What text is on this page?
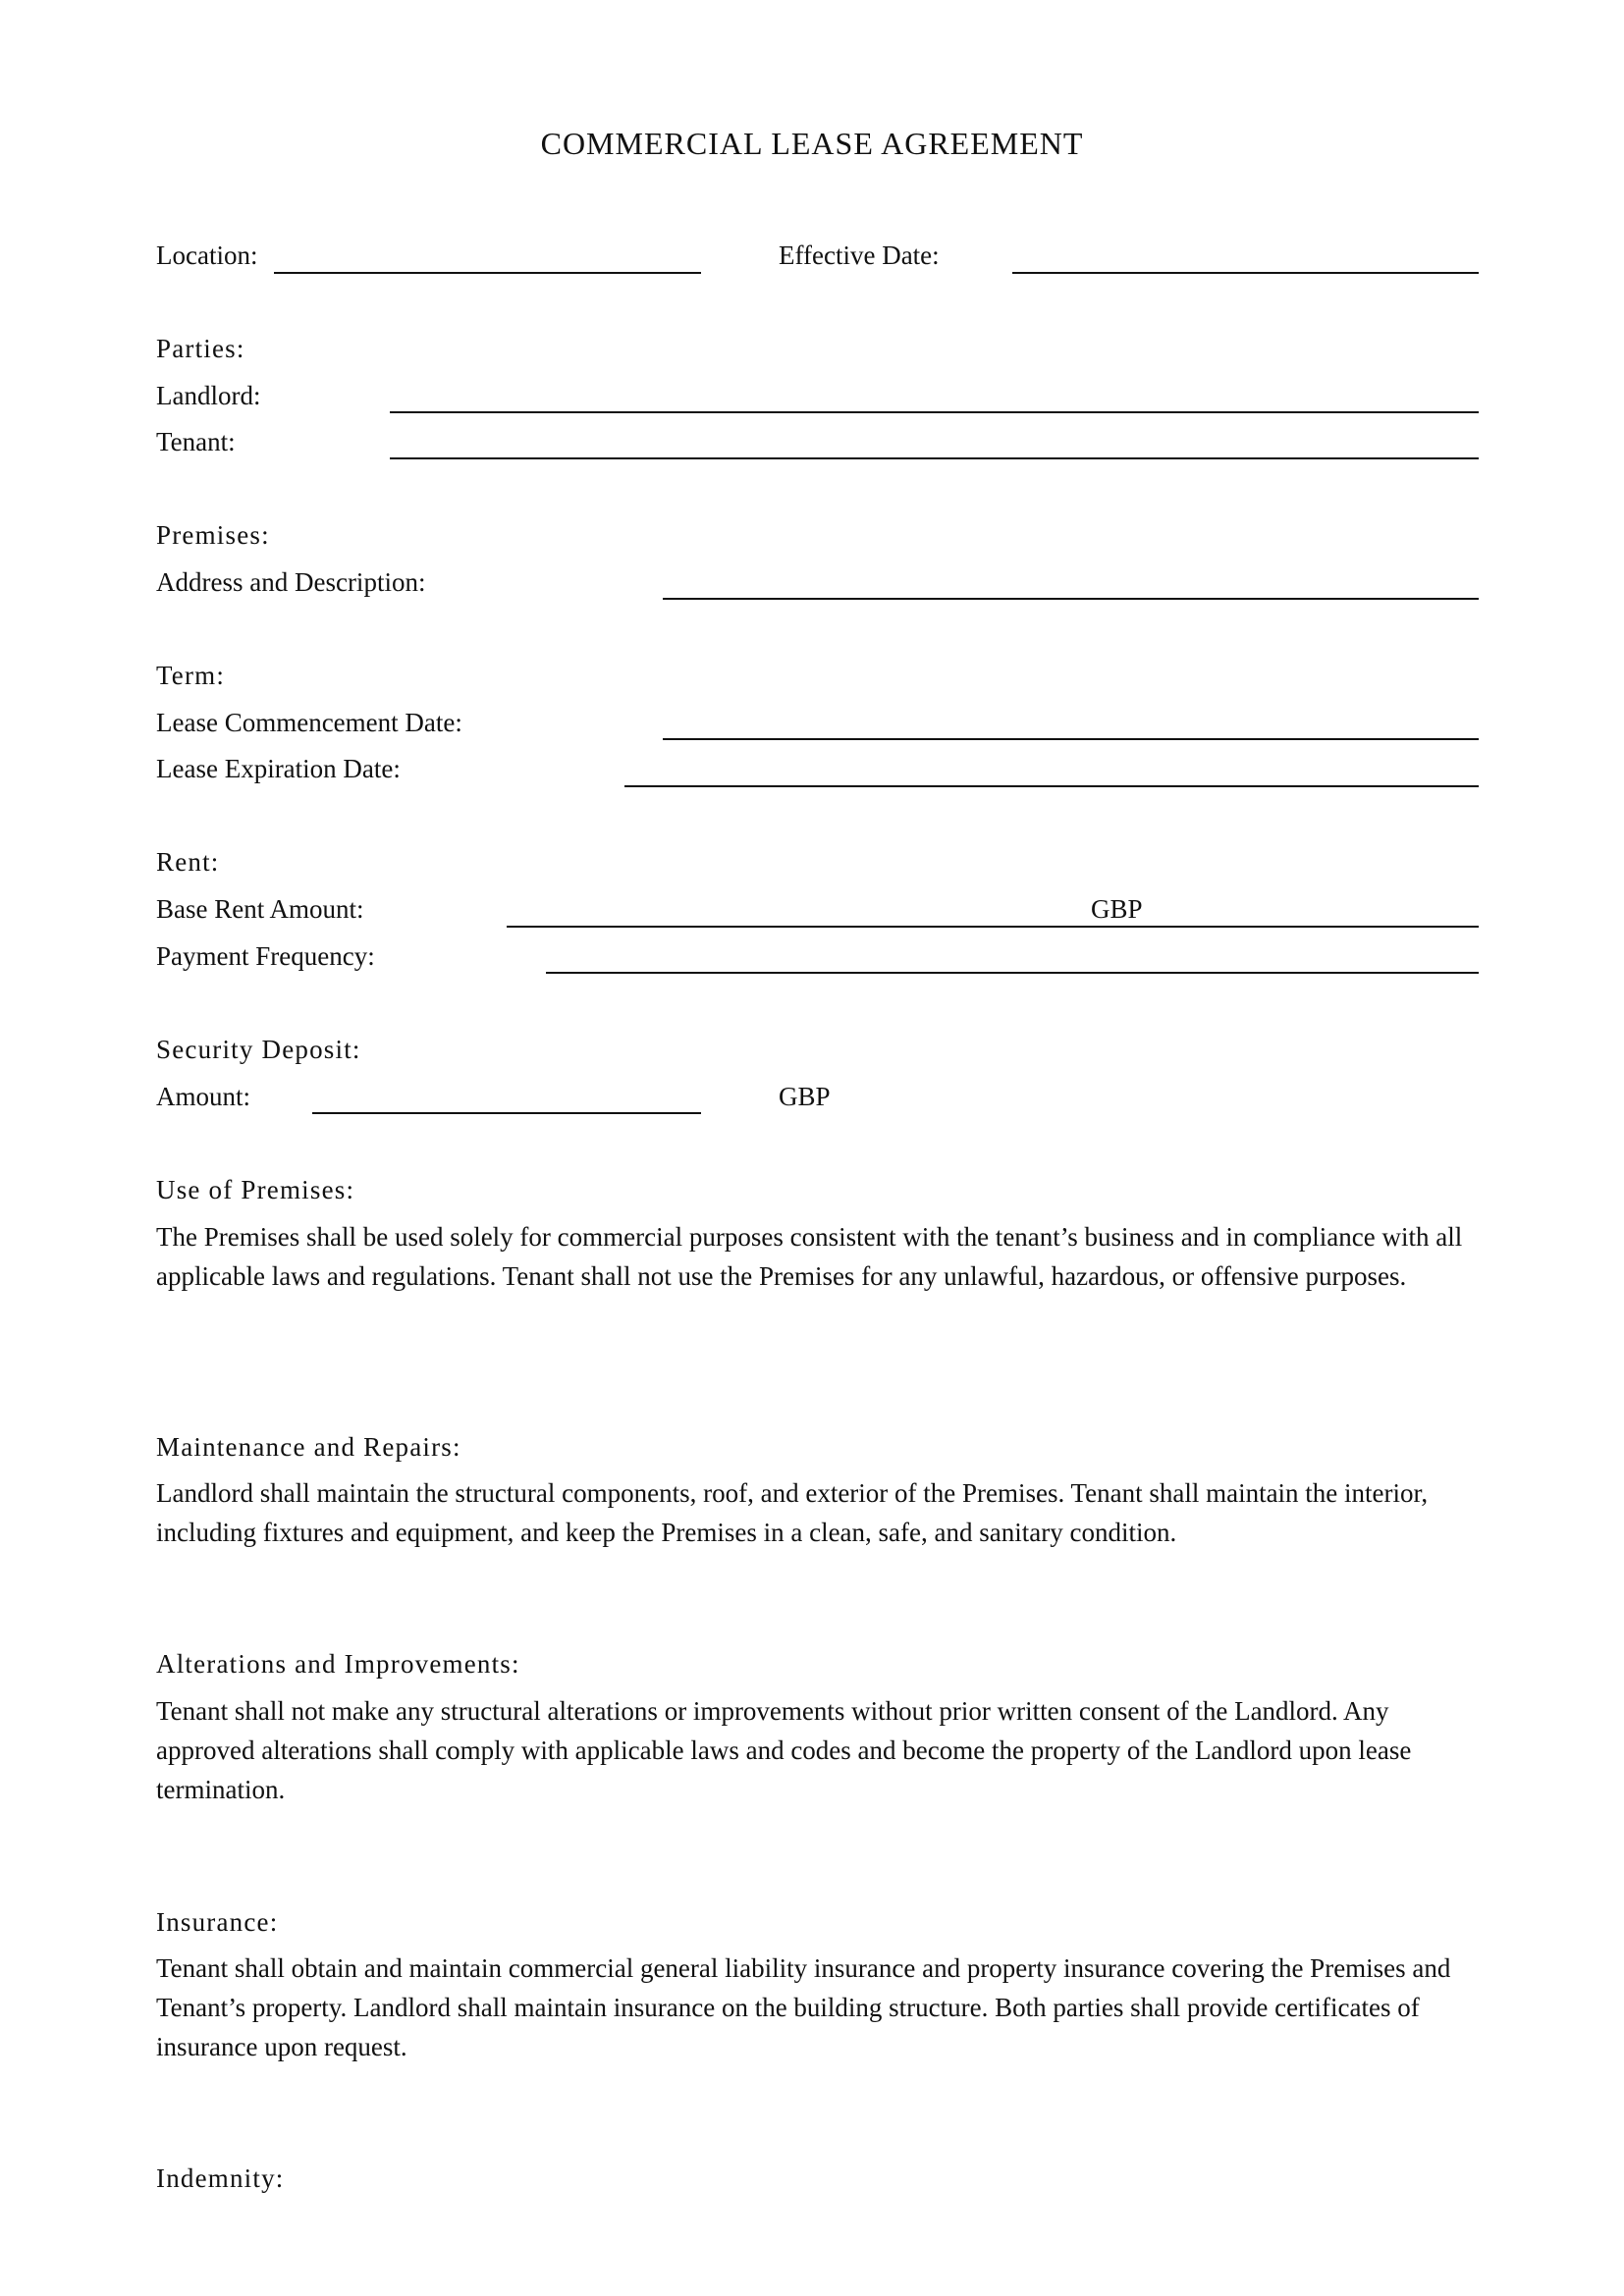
COMMERCIAL LEASE AGREEMENT
Location:	Effective Date:
Parties:
Landlord:
Tenant:
Premises:
Address and Description:
Term:
Lease Commencement Date:
Lease Expiration Date:
Rent:
Base Rent Amount:	GBP
Payment Frequency:
Security Deposit:
Amount:	GBP
Use of Premises:
The Premises shall be used solely for commercial purposes consistent with the tenant’s business and in compliance with all applicable laws and regulations. Tenant shall not use the Premises for any unlawful, hazardous, or offensive purposes.
Maintenance and Repairs:
Landlord shall maintain the structural components, roof, and exterior of the Premises. Tenant shall maintain the interior, including fixtures and equipment, and keep the Premises in a clean, safe, and sanitary condition.
Alterations and Improvements:
Tenant shall not make any structural alterations or improvements without prior written consent of the Landlord. Any approved alterations shall comply with applicable laws and codes and become the property of the Landlord upon lease termination.
Insurance:
Tenant shall obtain and maintain commercial general liability insurance and property insurance covering the Premises and Tenant’s property. Landlord shall maintain insurance on the building structure. Both parties shall provide certificates of insurance upon request.
Indemnity:
